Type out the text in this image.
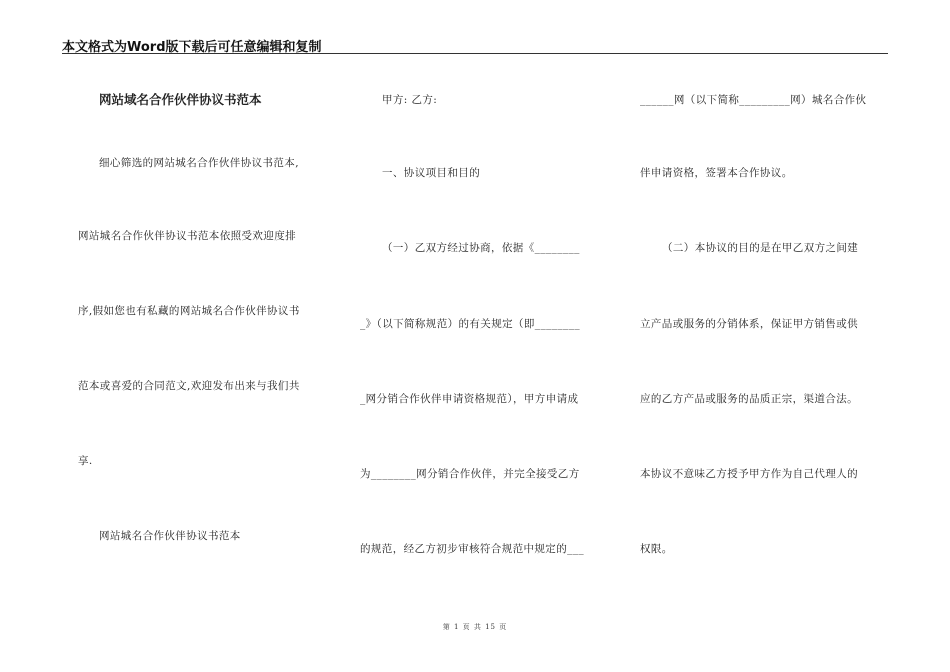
本文格式为Word版下载后可任意编辑和复制
网站域名合作伙伴协议书范本
细心筛选的网站城名合作伙伴协议书范本,
网站城名合作伙伴协议书范本依照受欢迎度排
序,假如您也有私藏的网站城名合作伙伴协议书
范本或喜爱的合同范文,欢迎发布出来与我们共
享.
网站城名合作伙伴协议书范本
甲方: 乙方:
一、协议项目和目的
（一）乙双方经过协商，依据《________
_》（以下简称规范）的有关规定（即________
_网分销合作伙伴申请资格规范），甲方申请成
为________网分销合作伙伴，并完全接受乙方
的规范，经乙方初步审核符合规范中规定的___
______网（以下简称_________网）城名合作伙
伴申请资格，签署本合作协议。
（二）本协议的目的是在甲乙双方之间建
立产品或服务的分销体系，保证甲方销售或供
应的乙方产品或服务的品质正宗，渠道合法。
本协议不意味乙方授予甲方作为自己代理人的
权限。
第 1 页 共 15 页
